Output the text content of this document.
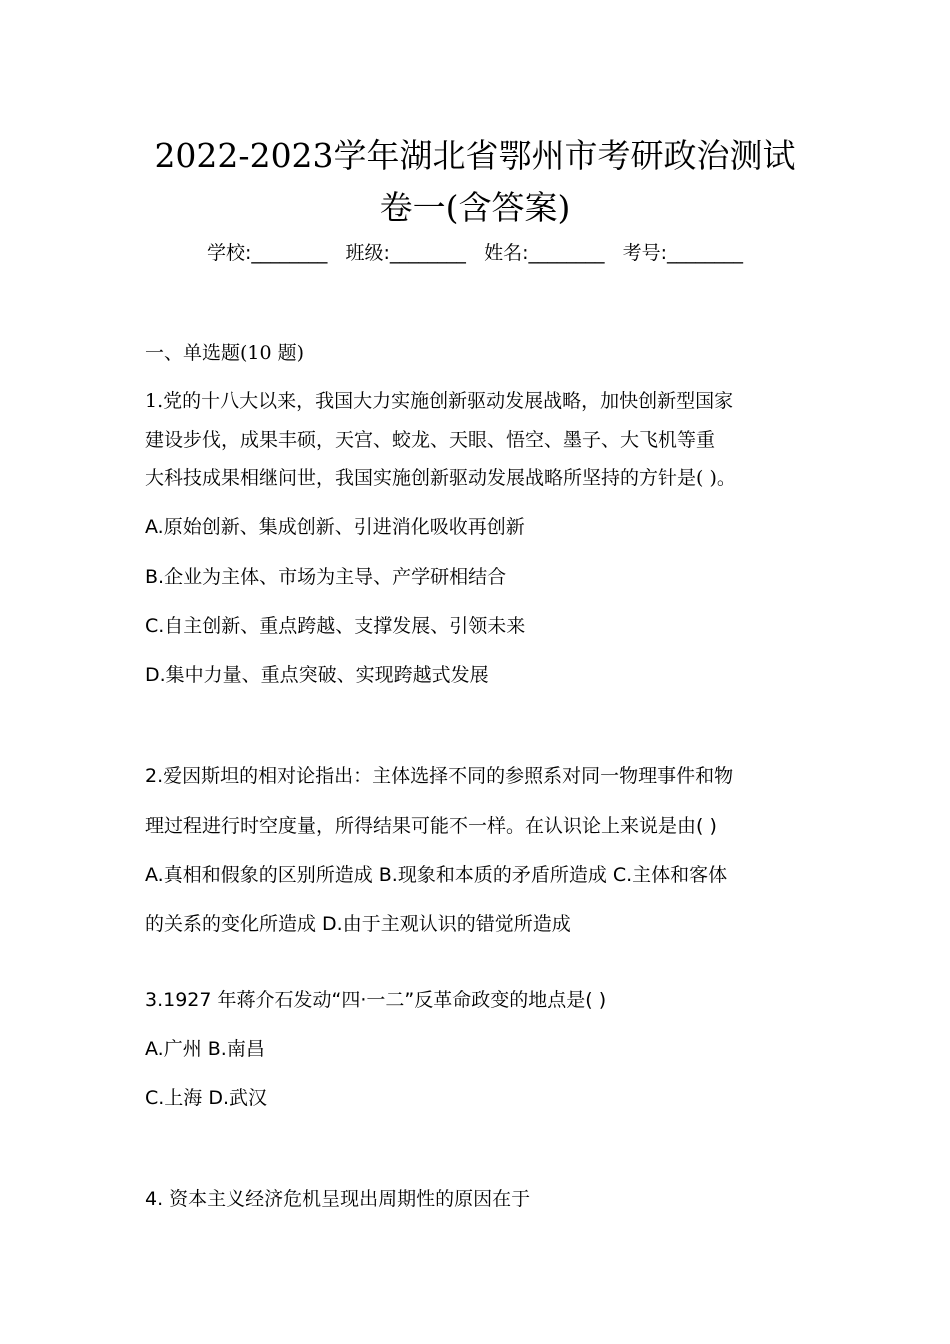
2022-2023学年湖北省鄂州市考研政治测试
卷一(含答案)
学校:________ 班级:________ 姓名:________ 考号:________
一、单选题(10 题)
1.党的十八大以来，我国大力实施创新驱动发展战略，加快创新型国家
建设步伐，成果丰硕，天宫、蛟龙、天眼、悟空、墨子、大飞机等重
大科技成果相继问世，我国实施创新驱动发展战略所坚持的方针是( )。
A.原始创新、集成创新、引进消化吸收再创新
B.企业为主体、市场为主导、产学研相结合
C.自主创新、重点跨越、支撑发展、引领未来
D.集中力量、重点突破、实现跨越式发展
2.爱因斯坦的相对论指出：主体选择不同的参照系对同一物理事件和物
理过程进行时空度量，所得结果可能不一样。在认识论上来说是由( )
A.真相和假象的区别所造成 B.现象和本质的矛盾所造成 C.主体和客体
的关系的变化所造成 D.由于主观认识的错觉所造成
3.1927 年蒋介石发动“四·一二”反革命政变的地点是( )
A.广州 B.南昌
C.上海 D.武汉
4. 资本主义经济危机呈现出周期性的原因在于
